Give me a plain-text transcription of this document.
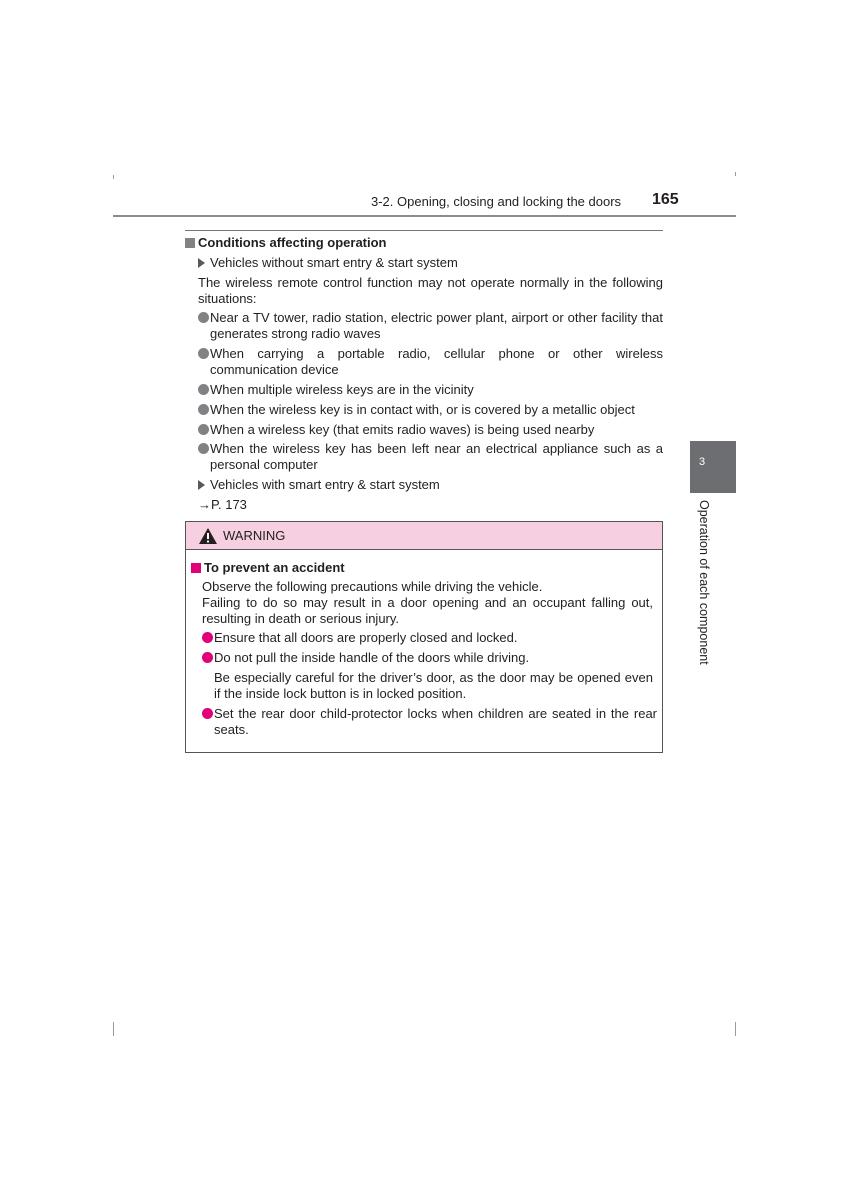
3-2. Opening, closing and locking the doors 165
3
Operation of each component
Conditions affecting operation
Vehicles without smart entry & start system
The wireless remote control function may not operate normally in the following situations:
Near a TV tower, radio station, electric power plant, airport or other facility that generates strong radio waves
When carrying a portable radio, cellular phone or other wireless communication device
When multiple wireless keys are in the vicinity
When the wireless key is in contact with, or is covered by a metallic object
When a wireless key (that emits radio waves) is being used nearby
When the wireless key has been left near an electrical appliance such as a personal computer
Vehicles with smart entry & start system
→P. 173
WARNING
To prevent an accident
Observe the following precautions while driving the vehicle.
Failing to do so may result in a door opening and an occupant falling out, resulting in death or serious injury.
Ensure that all doors are properly closed and locked.
Do not pull the inside handle of the doors while driving.
Be especially careful for the driver’s door, as the door may be opened even if the inside lock button is in locked position.
Set the rear door child-protector locks when children are seated in the rear seats.
